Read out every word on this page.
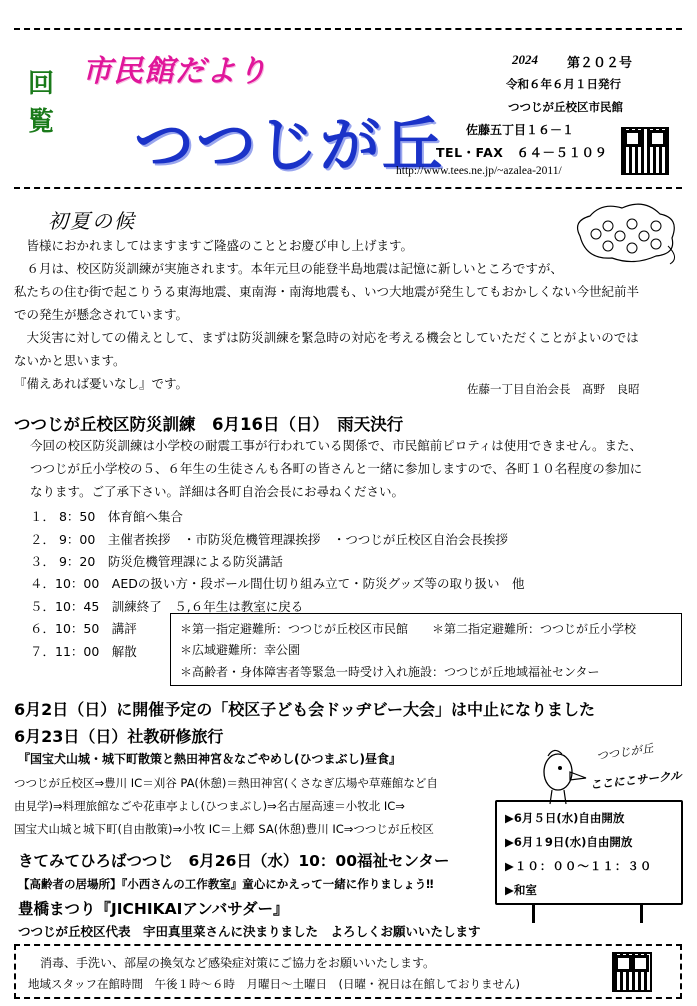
回
覧
市民館だより
つつじが丘
2024 第２０２号
令和６年６月１日発行
つつじが丘校区市民館
佐藤五丁目１６－１
TEL・FAX　６４－５１０９
http://www.tees.ne.jp/~azalea-2011/
初夏の候
　皆様におかれましてはますますご隆盛のこととお慶び申し上げます。
　６月は、校区防災訓練が実施されます。本年元旦の能登半島地震は記憶に新しいところですが、
私たちの住む街で起こりうる東海地震、東南海・南海地震も、いつ大地震が発生してもおかしくない今世紀前半
での発生が懸念されています。
　大災害に対しての備えとして、まずは防災訓練を緊急時の対応を考える機会としていただくことがよいのでは
ないかと思います。
『備えあれば憂いなし』です。	佐藤一丁目自治会長　髙野　良昭
つつじが丘校区防災訓練　6月16日（日）　雨天決行
今回の校区防災訓練は小学校の耐震工事が行われている関係で、市民館前ピロティは使用できません。また、
つつじが丘小学校の５、６年生の生徒さんも各町の皆さんと一緒に参加しますので、各町１０名程度の参加に
なります。ご了承下さい。詳細は各町自治会長にお尋ねください。
１． 8：50　体育館へ集合
２． 9：00　主催者挨拶　・市防災危機管理課挨拶　・つつじが丘校区自治会長挨拶
３． 9：20　防災危機管理課による防災講話
４．10：00　AEDの扱い方・段ボール間仕切り組み立て・防災グッズ等の取り扱い　他
５．10：45　訓練終了　５,６年生は教室に戻る
６．10：50　講評
７．11：00　解散
＊第一指定避難所：つつじが丘校区市民館　　＊第二指定避難所：つつじが丘小学校
＊広域避難所：幸公園
＊高齢者・身体障害者等緊急一時受け入れ施設：つつじが丘地域福祉センター
6月2日（日）に開催予定の「校区子ども会ドッヂビー大会」は中止になりました
6月23日（日）社教研修旅行
『国宝犬山城・城下町散策と熱田神宮＆なごやめし(ひつまぶし)昼食』
つつじが丘校区⇒豊川 IC＝刈谷 PA(休憩)＝熱田神宮(くさなぎ広場や草薙館など自
由見学)⇒料理旅館なごや花車亭よし(ひつまぶし)⇒名古屋高速＝小牧北 IC⇒
国宝犬山城と城下町(自由散策)⇒小牧 IC＝上郷 SA(休憩)豊川 IC⇒つつじが丘校区
つつじが丘
ここにこサークル
▶6月５日(水)自由開放
▶6月１9日(水)自由開放
▶１０：００～１１：３０
▶和室
きてみてひろばつつじ　6月26日（水）10：00福祉センター
【高齢者の居場所】『小西さんの工作教室』童心にかえって一緒に作りましょう‼
豊橋まつり『JICHIKAIアンバサダー』
つつじが丘校区代表　宇田真里菜さんに決まりました　よろしくお願いいたします
消毒、手洗い、部屋の換気など感染症対策にご協力をお願いいたします。
地域スタッフ在館時間　午後１時～６時　月曜日～土曜日　(日曜・祝日は在館しておりません)
